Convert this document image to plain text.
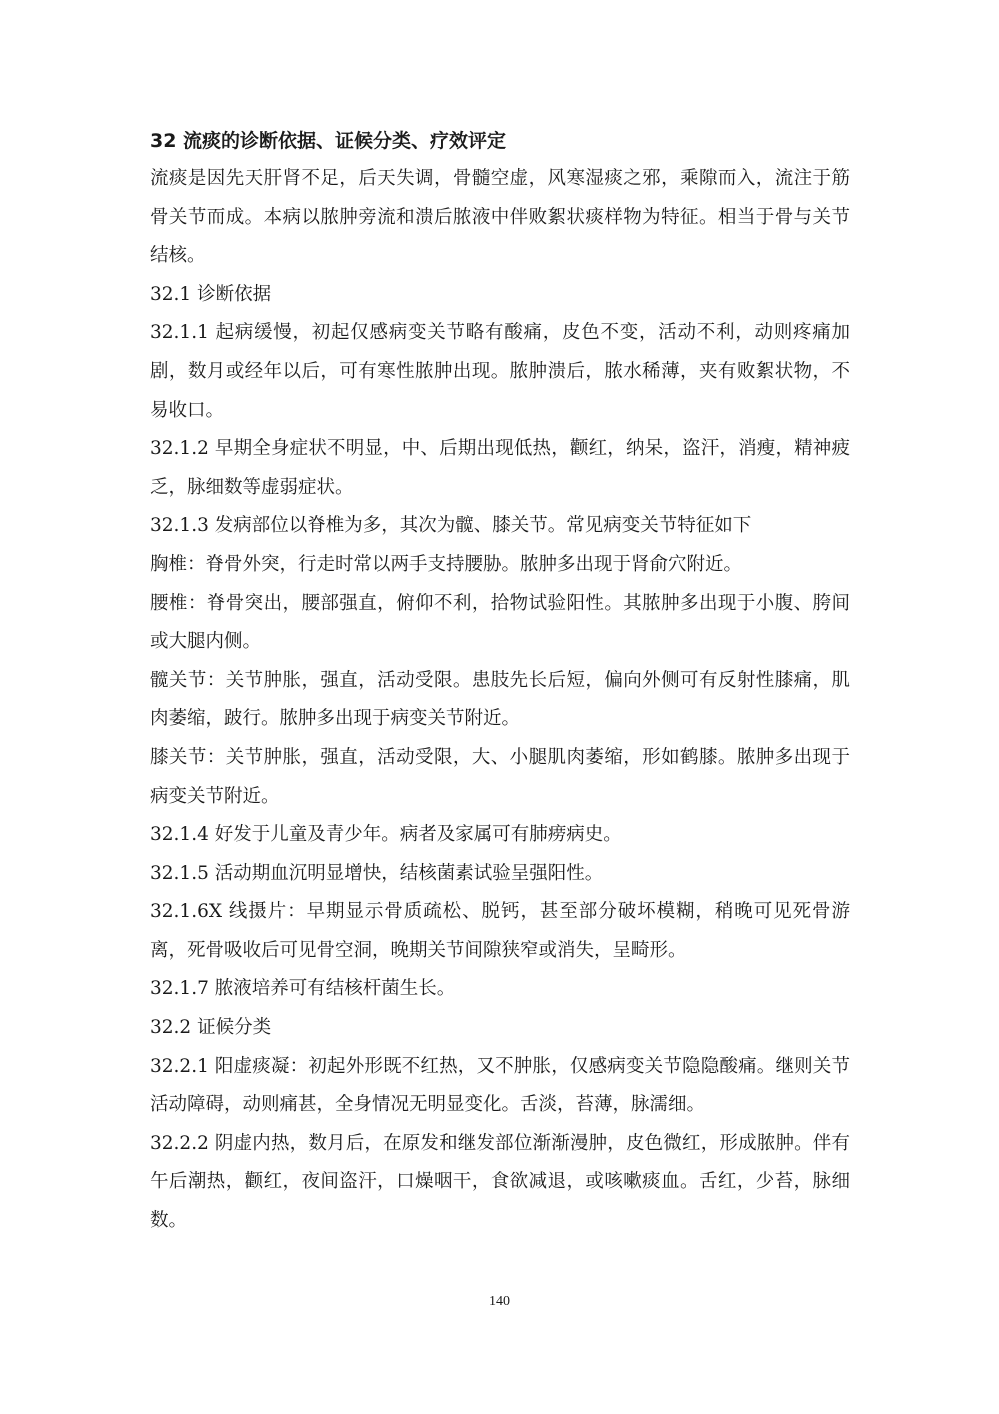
32 流痰的诊断依据、证候分类、疗效评定

流痰是因先天肝肾不足，后天失调，骨髓空虚，风寒湿痰之邪，乘隙而入，流注于筋骨关节而成。本病以脓肿旁流和溃后脓液中伴败絮状痰样物为特征。相当于骨与关节结核。

32.1 诊断依据

32.1.1 起病缓慢，初起仅感病变关节略有酸痛，皮色不变，活动不利，动则疼痛加剧，数月或经年以后，可有寒性脓肿出现。脓肿溃后，脓水稀薄，夹有败絮状物，不易收口。

32.1.2 早期全身症状不明显，中、后期出现低热，颧红，纳呆，盗汗，消瘦，精神疲乏，脉细数等虚弱症状。

32.1.3 发病部位以脊椎为多，其次为髋、膝关节。常见病变关节特征如下

胸椎：脊骨外突，行走时常以两手支持腰胁。脓肿多出现于肾俞穴附近。

腰椎：脊骨突出，腰部强直，俯仰不利，拾物试验阳性。其脓肿多出现于小腹、胯间或大腿内侧。

髋关节：关节肿胀，强直，活动受限。患肢先长后短，偏向外侧可有反射性膝痛，肌肉萎缩，跛行。脓肿多出现于病变关节附近。

膝关节：关节肿胀，强直，活动受限，大、小腿肌肉萎缩，形如鹤膝。脓肿多出现于病变关节附近。

32.1.4 好发于儿童及青少年。病者及家属可有肺痨病史。

32.1.5 活动期血沉明显增快，结核菌素试验呈强阳性。

32.1.6X 线摄片：早期显示骨质疏松、脱钙，甚至部分破坏模糊，稍晚可见死骨游离，死骨吸收后可见骨空洞，晚期关节间隙狭窄或消失，呈畸形。

32.1.7 脓液培养可有结核杆菌生长。

32.2 证候分类

32.2.1 阳虚痰凝：初起外形既不红热，又不肿胀，仅感病变关节隐隐酸痛。继则关节活动障碍，动则痛甚，全身情况无明显变化。舌淡，苔薄，脉濡细。

32.2.2 阴虚内热，数月后，在原发和继发部位渐渐漫肿，皮色微红，形成脓肿。伴有午后潮热，颧红，夜间盗汗，口燥咽干，食欲减退，或咳嗽痰血。舌红，少苔，脉细数。

140
